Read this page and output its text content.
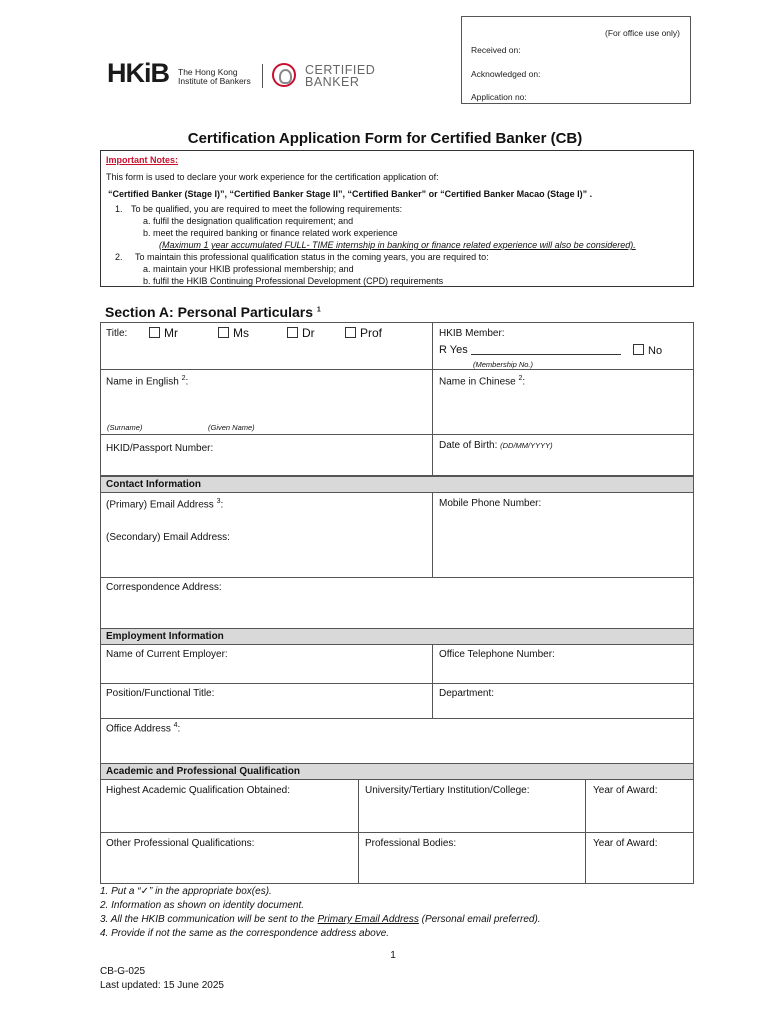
(For office use only)
Received on:
Acknowledged on:
Application no:
HKiB The Hong Kong
Institute of Bankers
CERTIFIED
BANKER
Certification Application Form for Certified Banker (CB)
Important Notes:
This form is used to declare your work experience for the certification application of:
“Certified Banker (Stage I)”, “Certified Banker Stage II”, “Certified Banker” or “Certified Banker Macao (Stage I)” .
1. To be qualified, you are required to meet the following requirements:
a. fulfil the designation qualification requirement; and
b. meet the required banking or finance related work experience
(Maximum 1 year accumulated FULL- TIME internship in banking or finance related experience will also be considered).
2. To maintain this professional qualification status in the coming years, you are required to:
a. maintain your HKIB professional membership; and
b. fulfil the HKIB Continuing Professional Development (CPD) requirements
Section A: Personal Particulars $^1$
Title:	Mr	Ms	Dr	Prof	HKIB Member:
R Yes	No
(Membership No.)
Name in English $^2$:
(Surname)	(Given Name)
Name in Chinese $^2$:
HKID/Passport Number:	Date of Birth: (DD/MM/YYYY)
Contact Information
(Primary) Email Address $^3$:
(Secondary) Email Address:
Mobile Phone Number:
Correspondence Address:
Employment Information
Name of Current Employer:	Office Telephone Number:
Position/Functional Title:	Department:
Office Address $^4$:
Academic and Professional Qualification
Highest Academic Qualification Obtained:	University/Tertiary Institution/College:	Year of Award:
Other Professional Qualifications:	Professional Bodies:	Year of Award:
1. Put a “✓” in the appropriate box(es).
2. Information as shown on identity document.
3. All the HKIB communication will be sent to the Primary Email Address (Personal email preferred).
4. Provide if not the same as the correspondence address above.
1
CB-G-025
Last updated: 15 June 2025
